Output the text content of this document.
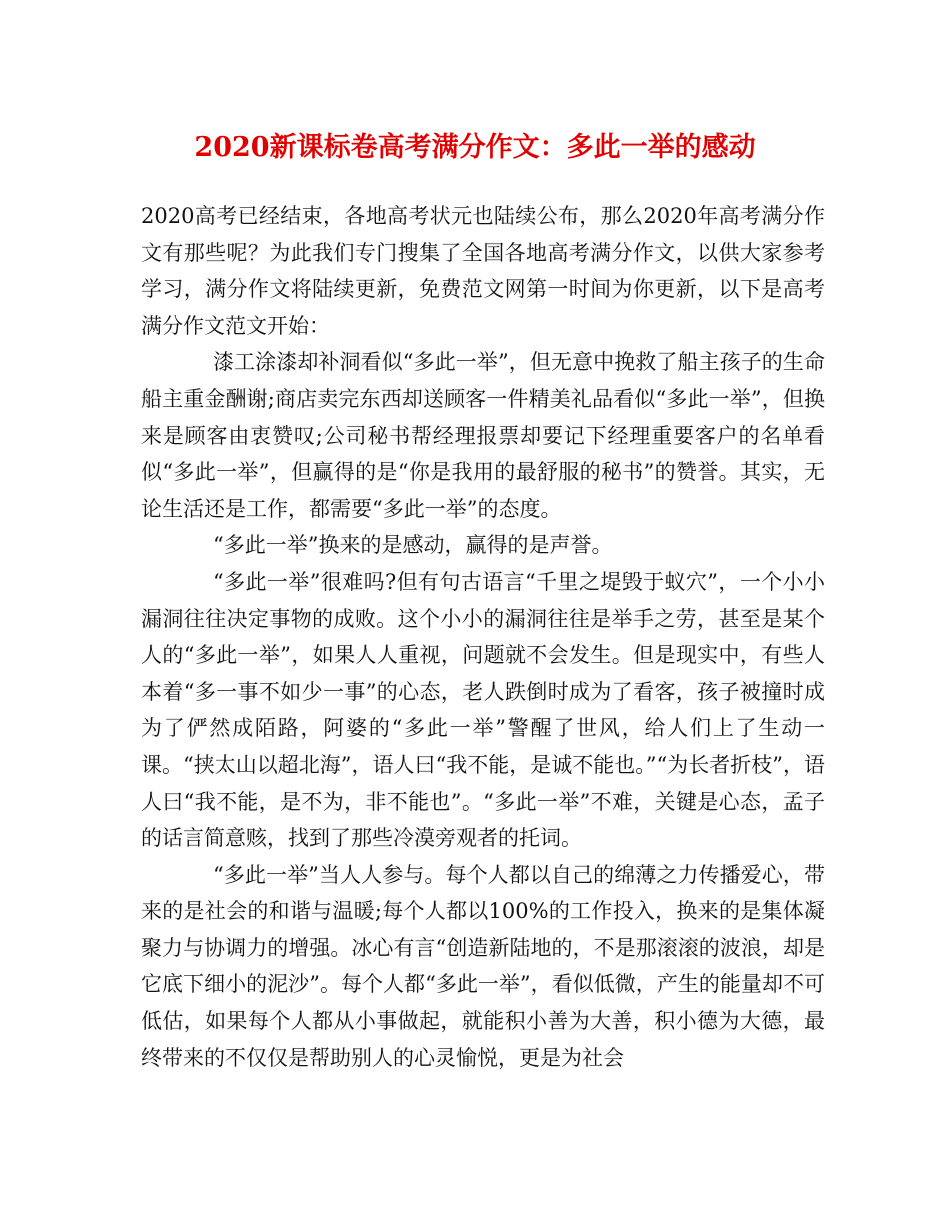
2020新课标卷高考满分作文：多此一举的感动

2020高考已经结束，各地高考状元也陆续公布，那么2020年高考满分作文有那些呢？为此我们专门搜集了全国各地高考满分作文，以供大家参考学习，满分作文将陆续更新，免费范文网第一时间为你更新，以下是高考满分作文范文开始：

漆工涂漆却补洞看似“多此一举”，但无意中挽救了船主孩子的生命船主重金酬谢;商店卖完东西却送顾客一件精美礼品看似“多此一举”，但换来是顾客由衷赞叹;公司秘书帮经理报票却要记下经理重要客户的名单看似“多此一举”，但赢得的是“你是我用的最舒服的秘书”的赞誉。其实，无论生活还是工作，都需要“多此一举”的态度。

“多此一举”换来的是感动，赢得的是声誉。

“多此一举”很难吗?但有句古语言“千里之堤毁于蚁穴”，一个小小漏洞往往决定事物的成败。这个小小的漏洞往往是举手之劳，甚至是某个人的“多此一举”，如果人人重视，问题就不会发生。但是现实中，有些人本着“多一事不如少一事”的心态，老人跌倒时成为了看客，孩子被撞时成为了俨然成陌路，阿婆的“多此一举”警醒了世风，给人们上了生动一课。“挟太山以超北海”，语人曰“我不能，是诚不能也。”“为长者折枝”，语人曰“我不能，是不为，非不能也”。“多此一举”不难，关键是心态，孟子的话言简意赅，找到了那些冷漠旁观者的托词。

“多此一举”当人人参与。每个人都以自己的绵薄之力传播爱心，带来的是社会的和谐与温暖;每个人都以100%的工作投入，换来的是集体凝聚力与协调力的增强。冰心有言“创造新陆地的，不是那滚滚的波浪，却是它底下细小的泥沙”。每个人都“多此一举”，看似低微，产生的能量却不可低估，如果每个人都从小事做起，就能积小善为大善，积小德为大德，最终带来的不仅仅是帮助别人的心灵愉悦，更是为社会
